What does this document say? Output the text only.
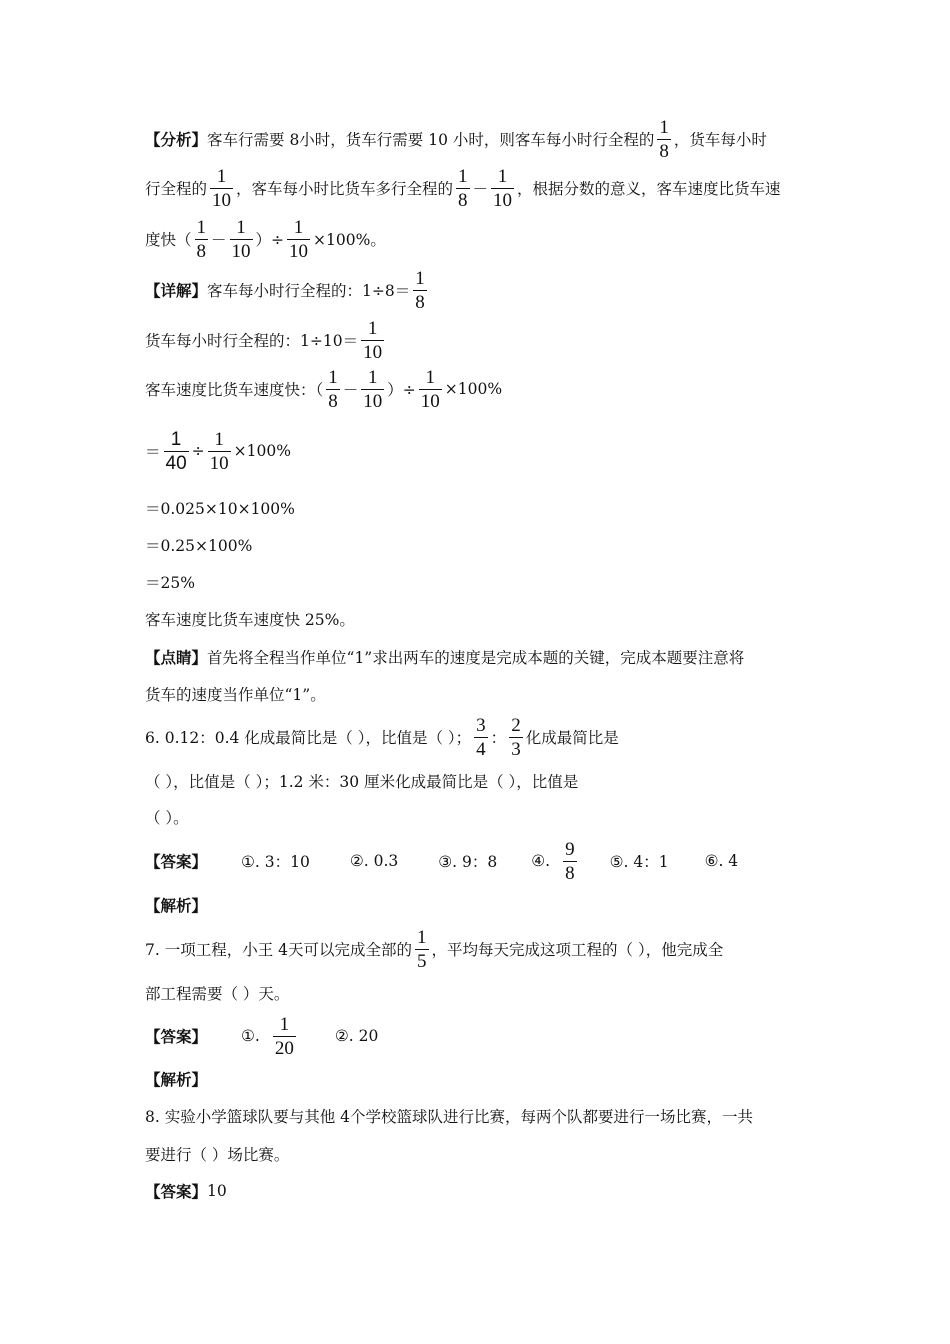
【分析】 客车行需要 8小时，货车行需要 10 小时，则客车每小时行全程的 $\frac{1}{8}$ ，货车每小时
行全程的 $\frac{1}{10}$ ，客车每小时比货车多行全程的 $\frac{1}{8} - \frac{1}{10}$ ，根据分数的意义，客车速度比货车速
度快（ $\frac{1}{8} - \frac{1}{10}$ ）÷ $\frac{1}{10} \times 100\%$。
【详解】 客车每小时行全程的：$1\div 8= \frac{1}{8}$
货车每小时行全程的：$1\div 10= \frac{1}{10}$
客车速度比货车速度快：（ $\frac{1}{8} - \frac{1}{10}$ ）÷ $\frac{1}{10} \times 100\%$
＝ $\frac{1}{40} \div \frac{1}{10} \times 100\%$
＝0.025×10×100%
＝0.25×100%
＝25%
客车速度比货车速度快 25%。
【点睛】 首先将全程当作单位“1”求出两车的速度是完成本题的关键，完成本题要注意将
货车的速度当作单位“1”。
6. 0.12：0.4 化成最简比是（ ），比值是（ ）； $\frac{3}{4}$ ： $\frac{2}{3}$ 化成最简比是
（ ），比值是（ ）；1.2 米：30 厘米化成最简比是（ ），比值是
（ ）。
【答案】 ①. 3：10	②. 0.3	③. 9：8 ④. $\frac{9}{8}$ ⑤. 4：1 ⑥. 4
【解析】
7. 一项工程，小王 4天可以完成全部的 $\frac{1}{5}$ ，平均每天完成这项工程的（ ），他完成全
部工程需要（ ）天。
【答案】 ①. $\frac{1}{20}$	②. 20
【解析】
8. 实验小学篮球队要与其他 4个学校篮球队进行比赛，每两个队都要进行一场比赛，一共
要进行（ ）场比赛。
【答案】 10
